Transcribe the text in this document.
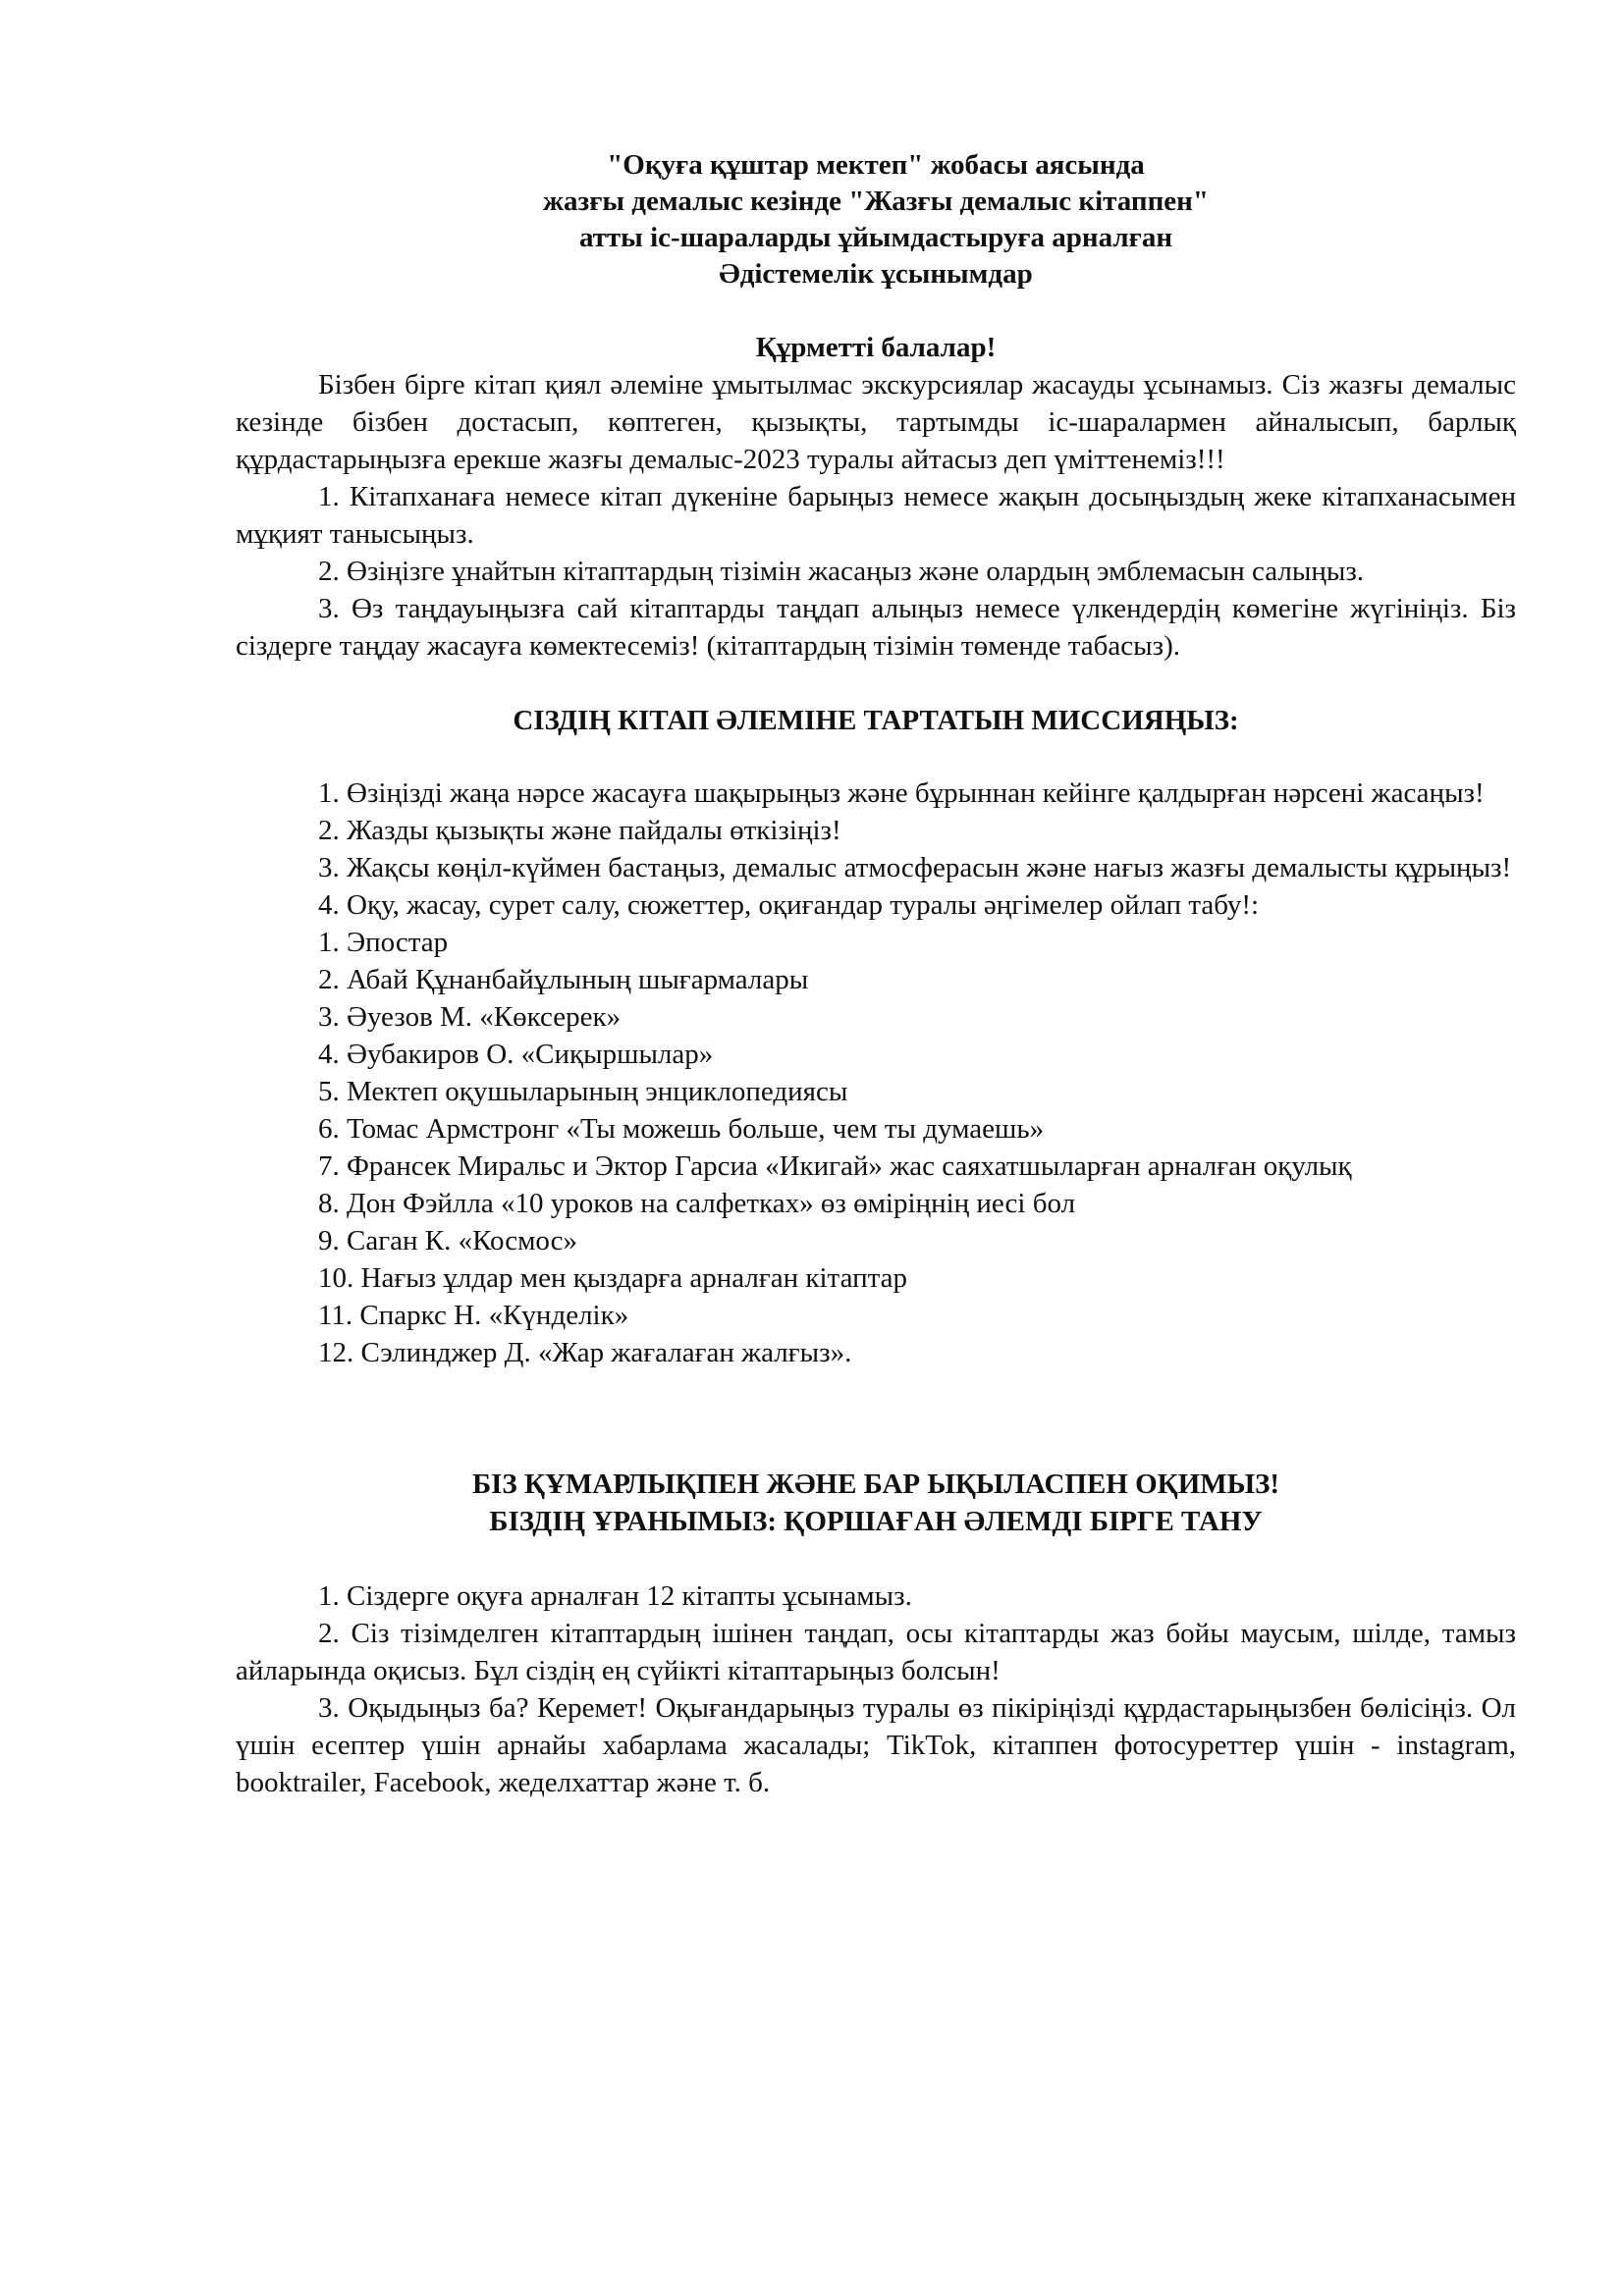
"Оқуға құштар мектеп" жобасы аясында
жазғы демалыс кезінде "Жазғы демалыс кітаппен"
атты іс-шараларды ұйымдастыруға арналған
Әдістемелік ұсынымдар
Құрметті балалар!

Бізбен бірге кітап қиял әлеміне ұмытылмас экскурсиялар жасауды ұсынамыз. Сіз жазғы демалыс кезінде бізбен достасып, көптеген, қызықты, тартымды іс-шаралармен айналысып, барлық құрдастарыңызға ерекше жазғы демалыс-2023 туралы айтасыз деп үміттенеміз!!!

1. Кітапханаға немесе кітап дүкеніне барыңыз немесе жақын досыңыздың жеке кітапханасымен мұқият танысыңыз.

2. Өзіңізге ұнайтын кітаптардың тізімін жасаңыз және олардың эмблемасын салыңыз.

3. Өз таңдауыңызға сай кітаптарды таңдап алыңыз немесе үлкендердің көмегіне жүгініңіз. Біз сіздерге таңдау жасауға көмектесеміз! (кітаптардың тізімін төменде табасыз).

СІЗДІҢ КІТАП ӘЛЕМІНЕ ТАРТАТЫН МИССИЯҢЫЗ:

1. Өзіңізді жаңа нәрсе жасауға шақырыңыз және бұрыннан кейінге қалдырған нәрсені жасаңыз!

2. Жазды қызықты және пайдалы өткізіңіз!

3. Жақсы көңіл-күймен бастаңыз, демалыс атмосферасын және нағыз жазғы демалысты құрыңыз!

4. Оқу, жасау, сурет салу, сюжеттер, оқиғандар туралы әңгімелер ойлап табу!:

1. Эпостар

2. Абай Құнанбайұлының шығармалары

3. Әуезов М. «Көксерек»

4. Әубакиров О. «Сиқыршылар»

5. Мектеп оқушыларының энциклопедиясы

6. Томас Армстронг «Ты можешь больше, чем ты думаешь»

7. Франсек Миральс и Эктор Гарсиа «Икигай» жас саяхатшыларған арналған оқулық

8. Дон Фэйлла «10 уроков на салфетках» өз өміріңнің иесі бол

9. Саган К. «Космос»

10. Нағыз ұлдар мен қыздарға арналған кітаптар

11. Спаркс Н. «Күнделік»

12. Сэлинджер Д. «Жар жағалаған жалғыз».

БІЗ ҚҰМАРЛЫҚПЕН ЖӘНЕ БАР ЫҚЫЛАСПЕН ОҚИМЫЗ!
БІЗДІҢ ҰРАНЫМЫЗ: ҚОРШАҒАН ӘЛЕМДІ БІРГЕ ТАНУ

1. Сіздерге оқуға арналған 12 кітапты ұсынамыз.

2. Сіз тізімделген кітаптардың ішінен таңдап, осы кітаптарды жаз бойы маусым, шілде, тамыз айларында оқисыз. Бұл сіздің ең сүйікті кітаптарыңыз болсын!

3. Оқыдыңыз ба? Керемет! Оқығандарыңыз туралы өз пікіріңізді құрдастарыңызбен бөлісіңіз. Ол үшін есептер үшін арнайы хабарлама жасалады; TikTok, кітаппен фотосуреттер үшін - instagram, booktrailer, Facebook, жеделхаттар және т. б.
